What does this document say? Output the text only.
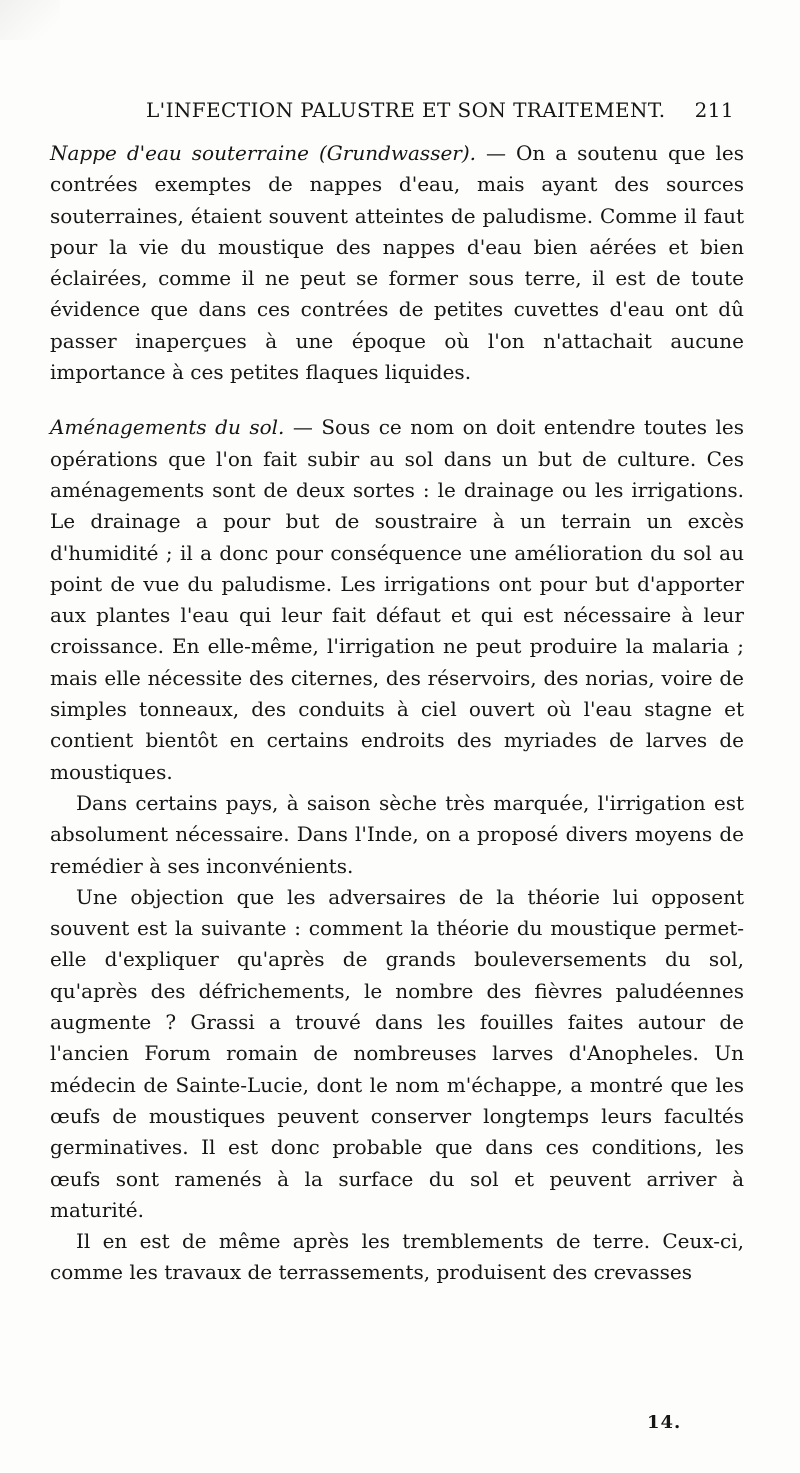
L'INFECTION PALUSTRE ET SON TRAITEMENT. 211

Nappe d'eau souterraine (Grundwasser). — On a soutenu que les contrées exemptes de nappes d'eau, mais ayant des sources souterraines, étaient souvent atteintes de paludisme. Comme il faut pour la vie du moustique des nappes d'eau bien aérées et bien éclairées, comme il ne peut se former sous terre, il est de toute évidence que dans ces contrées de petites cuvettes d'eau ont dû passer inaperçues à une époque où l'on n'attachait aucune importance à ces petites flaques liquides.

Aménagements du sol. — Sous ce nom on doit entendre toutes les opérations que l'on fait subir au sol dans un but de culture. Ces aménagements sont de deux sortes : le drainage ou les irrigations. Le drainage a pour but de soustraire à un terrain un excès d'humidité ; il a donc pour conséquence une amélioration du sol au point de vue du paludisme. Les irrigations ont pour but d'apporter aux plantes l'eau qui leur fait défaut et qui est nécessaire à leur croissance. En elle-même, l'irrigation ne peut produire la malaria ; mais elle nécessite des citernes, des réservoirs, des norias, voire de simples tonneaux, des conduits à ciel ouvert où l'eau stagne et contient bientôt en certains endroits des myriades de larves de moustiques.

Dans certains pays, à saison sèche très marquée, l'irrigation est absolument nécessaire. Dans l'Inde, on a proposé divers moyens de remédier à ses inconvénients.

Une objection que les adversaires de la théorie lui opposent souvent est la suivante : comment la théorie du moustique permet-elle d'expliquer qu'après de grands bouleversements du sol, qu'après des défrichements, le nombre des fièvres paludéennes augmente ? Grassi a trouvé dans les fouilles faites autour de l'ancien Forum romain de nombreuses larves d'Anopheles. Un médecin de Sainte-Lucie, dont le nom m'échappe, a montré que les œufs de moustiques peuvent conserver longtemps leurs facultés germinatives. Il est donc probable que dans ces conditions, les œufs sont ramenés à la surface du sol et peuvent arriver à maturité.

Il en est de même après les tremblements de terre. Ceux-ci, comme les travaux de terrassements, produisent des crevasses

14.
